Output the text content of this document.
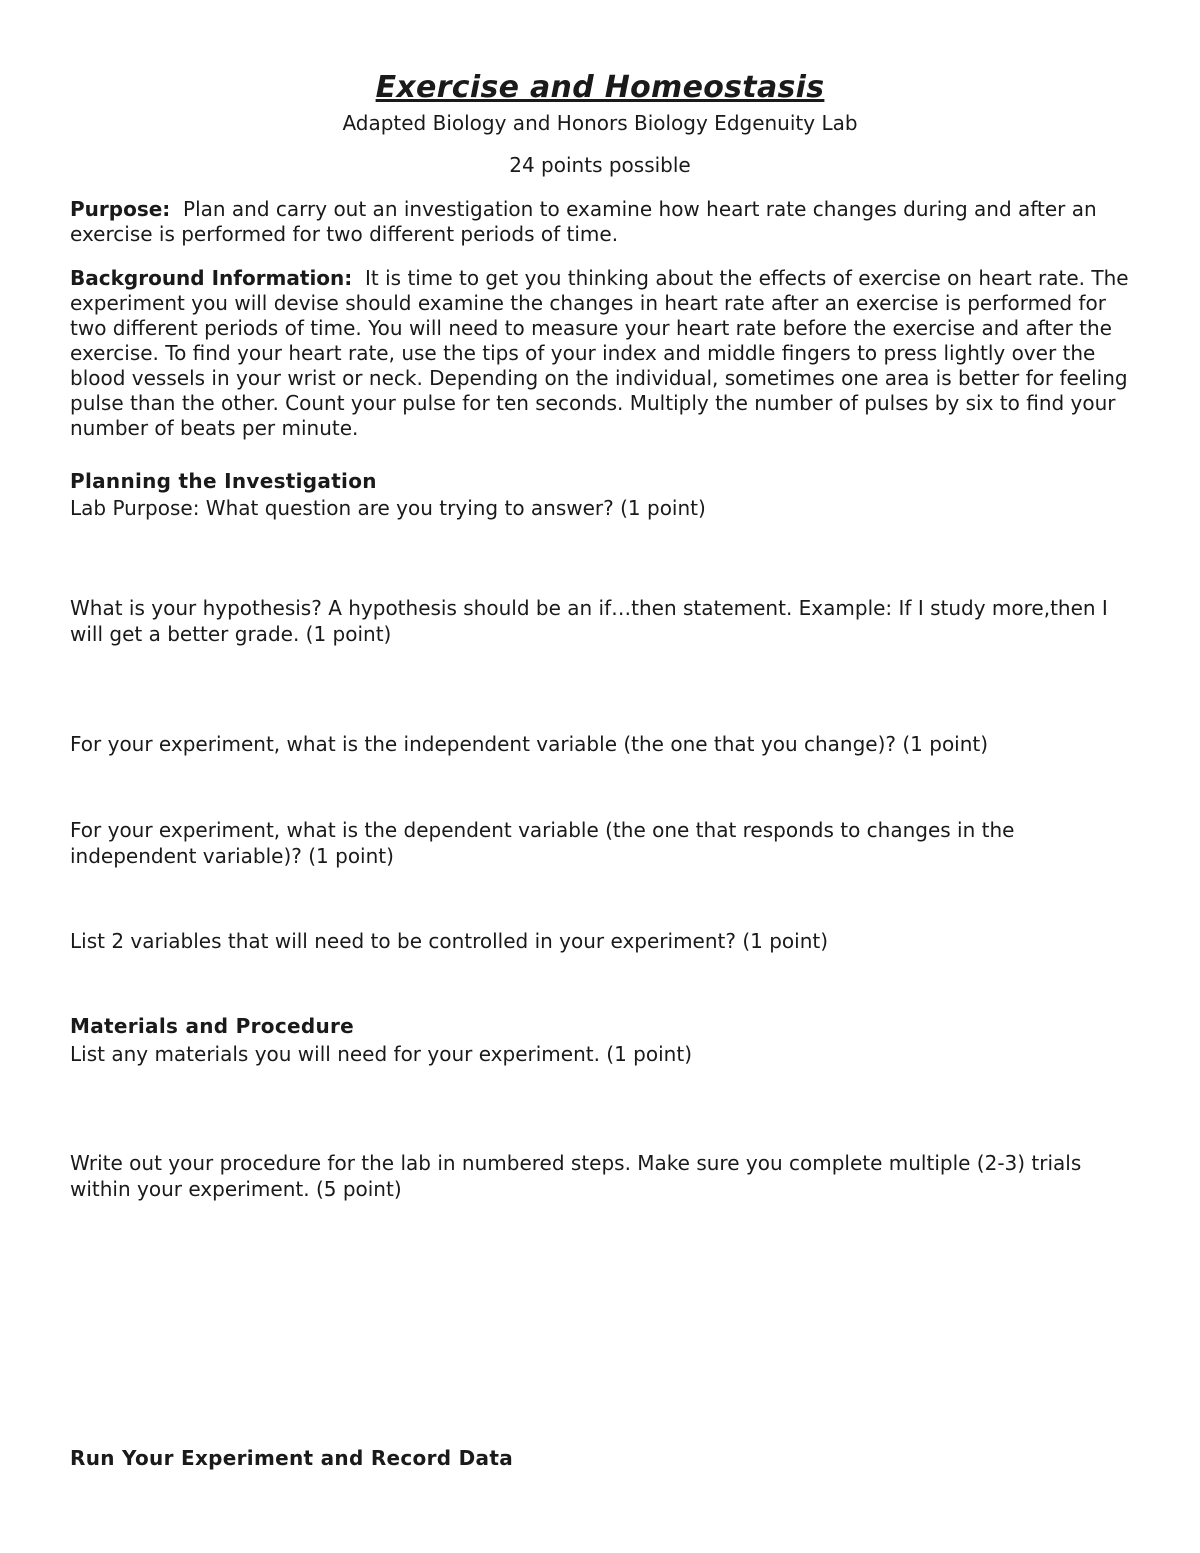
Exercise and Homeostasis
Adapted Biology and Honors Biology Edgenuity Lab
24 points possible
Purpose: Plan and carry out an investigation to examine how heart rate changes during and after an exercise is performed for two different periods of time.
Background Information: It is time to get you thinking about the effects of exercise on heart rate. The experiment you will devise should examine the changes in heart rate after an exercise is performed for two different periods of time. You will need to measure your heart rate before the exercise and after the exercise. To find your heart rate, use the tips of your index and middle fingers to press lightly over the blood vessels in your wrist or neck. Depending on the individual, sometimes one area is better for feeling pulse than the other. Count your pulse for ten seconds. Multiply the number of pulses by six to find your number of beats per minute.
Planning the Investigation
Lab Purpose: What question are you trying to answer? (1 point)
What is your hypothesis? A hypothesis should be an if…then statement. Example: If I study more,then I will get a better grade. (1 point)
For your experiment, what is the independent variable (the one that you change)? (1 point)
For your experiment, what is the dependent variable (the one that responds to changes in the independent variable)? (1 point)
List 2 variables that will need to be controlled in your experiment? (1 point)
Materials and Procedure
List any materials you will need for your experiment. (1 point)
Write out your procedure for the lab in numbered steps. Make sure you complete multiple (2-3) trials within your experiment. (5 point)
Run Your Experiment and Record Data
